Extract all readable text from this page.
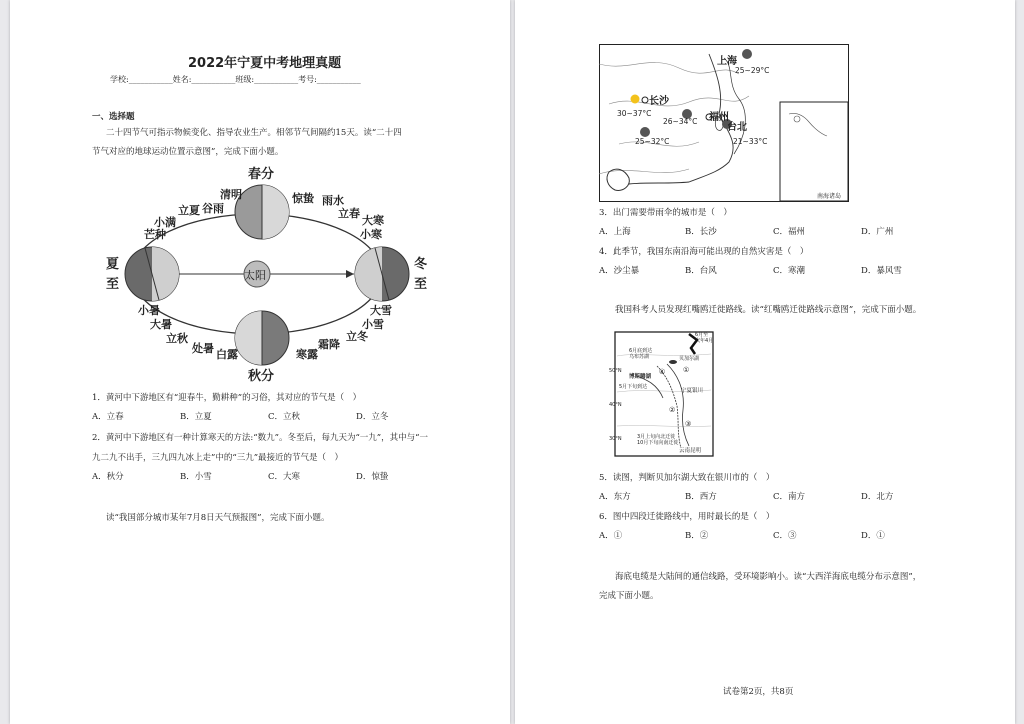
2022年宁夏中考地理真题
学校:___________姓名:___________班级:___________考号:___________
一、选择题
二十四节气可指示物候变化、指导农业生产。相邻节气间隔约15天。读“二十四
节气对应的地球运动位置示意图”，完成下面小题。
春分
秋分
夏
至
冬
至
太阳
清明
谷雨
立夏
小满
芒种
惊蛰 雨水
立春
大寒
小寒
小暑
大暑
立秋
处暑 白露
大雪
小雪
立冬
霜降
寒露
1．黄河中下游地区有“迎春牛，勤耕种”的习俗，其对应的节气是（　）
A．立春	B．立夏	C．立秋	D．立冬
2．黄河中下游地区有一种计算寒天的方法:“数九”。冬至后，每九天为“一九”，其中与“一
九二九不出手，三九四九冰上走”中的“三九”最接近的节气是（　）
A．秋分	B．小雪	C．大寒	D．惊蛰
读“我国部分城市某年7月8日天气预报图”，完成下面小题。
上海
25~29°C
长沙
30~37°C	福州
26~34°C
台北
21~33°C
25~32°C
南海诸岛
3．出门需要带雨伞的城市是（　）
A．上海	B．长沙	C．福州	D．广州
4．此季节，我国东南沿海可能出现的自然灾害是（　）
A．沙尘暴	B．台风	C．寒潮	D．暴风雪
我国科考人员发现红嘴鸥迁徙路线。读“红嘴鸥迁徙路线示意图”，完成下面小题。
50°N
40°N
30°N
6月底到达
乌布苏湖
6月至
次年4月
贝加尔湖
博斯腾湖
5月下旬到达
宁夏银川
3月上旬向北迁徙
10月下旬向南迁徙
云南昆明
①
②
③
④
5．读图，判断贝加尔湖大致在银川市的（　）
A．东方	B．西方	C．南方	D．北方
6．图中四段迁徙路线中，用时最长的是（　）
A．①	B．②	C．③	D．①
海底电缆是大陆间的通信线路，受环境影响小。读“大西洋海底电缆分布示意图”，
完成下面小题。
试卷第2页，共8页
